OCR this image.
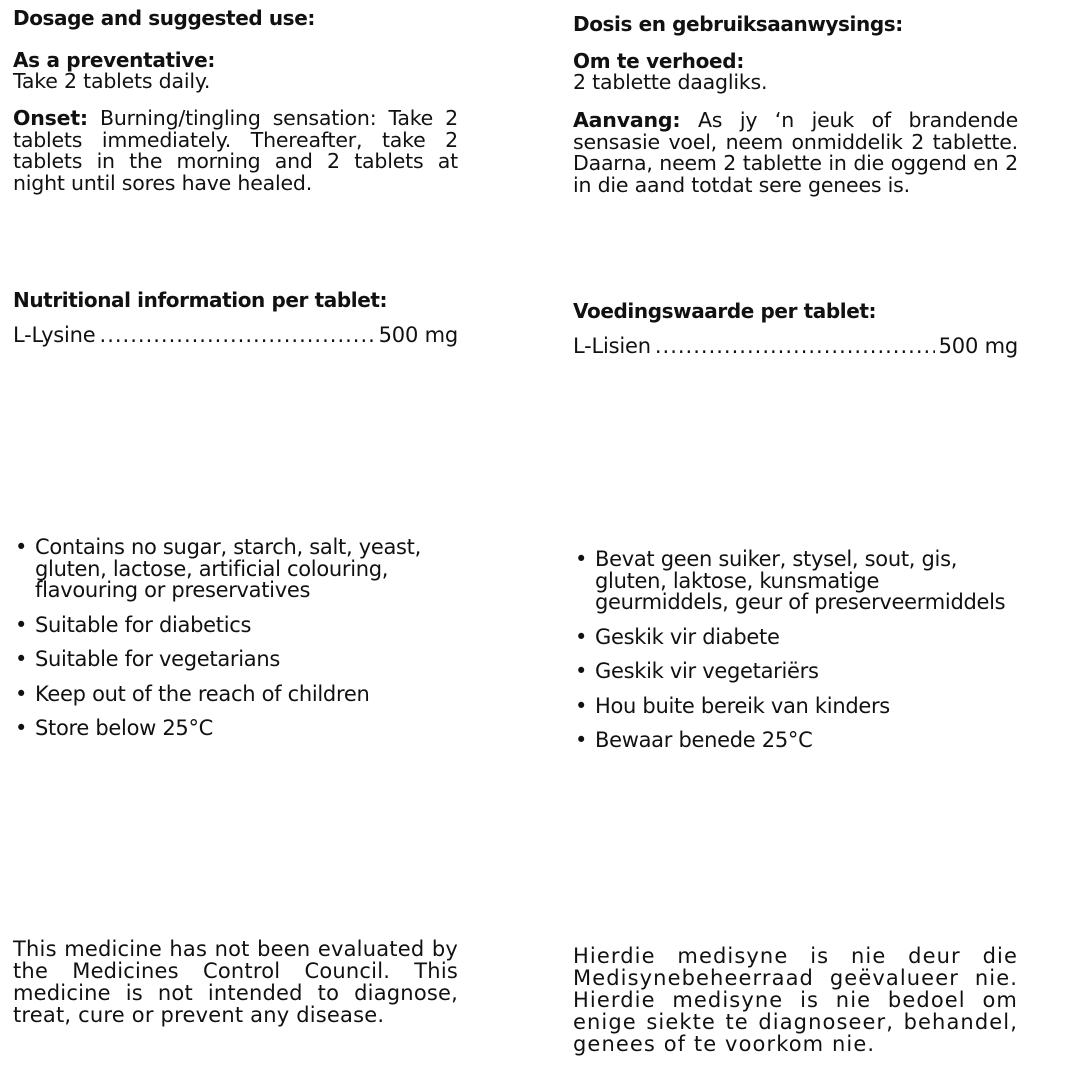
Dosage and suggested use:

As a preventative:

Take 2 tablets daily.

Onset: Burning/tingling sensation: Take 2 tablets immediately. Thereafter, take 2 tablets in the morning and 2 tablets at night until sores have healed.

Nutritional information per tablet:

L-Lysine .....	500 mg
• Contains no sugar, starch, salt, yeast, gluten, lactose, artificial colouring, flavouring or preservatives
• Suitable for diabetics
• Suitable for vegetarians
• Keep out of the reach of children
• Store below 25°C

This medicine has not been evaluated by the Medicines Control Council. This medicine is not intended to diagnose, treat, cure or prevent any disease.

Dosis en gebruiksaanwysings:

Om te verhoed:

2 tablette daagliks.

Aanvang: As jy ‘n jeuk of brandende sensasie voel, neem onmiddelik 2 tablette. Daarna, neem 2 tablette in die oggend en 2 in die aand totdat sere genees is.

Voedingswaarde per tablet:

L-Lisien .....	500 mg
• Bevat geen suiker, stysel, sout, gis, gluten, laktose, kunsmatige geurmiddels, geur of preserveermiddels
• Geskik vir diabete
• Geskik vir vegetariërs
• Hou buite bereik van kinders
• Bewaar benede 25°C

Hierdie medisyne is nie deur die Medisynebeheerraad geëvalueer nie. Hierdie medisyne is nie bedoel om enige siekte te diagnoseer, behandel, genees of te voorkom nie.
